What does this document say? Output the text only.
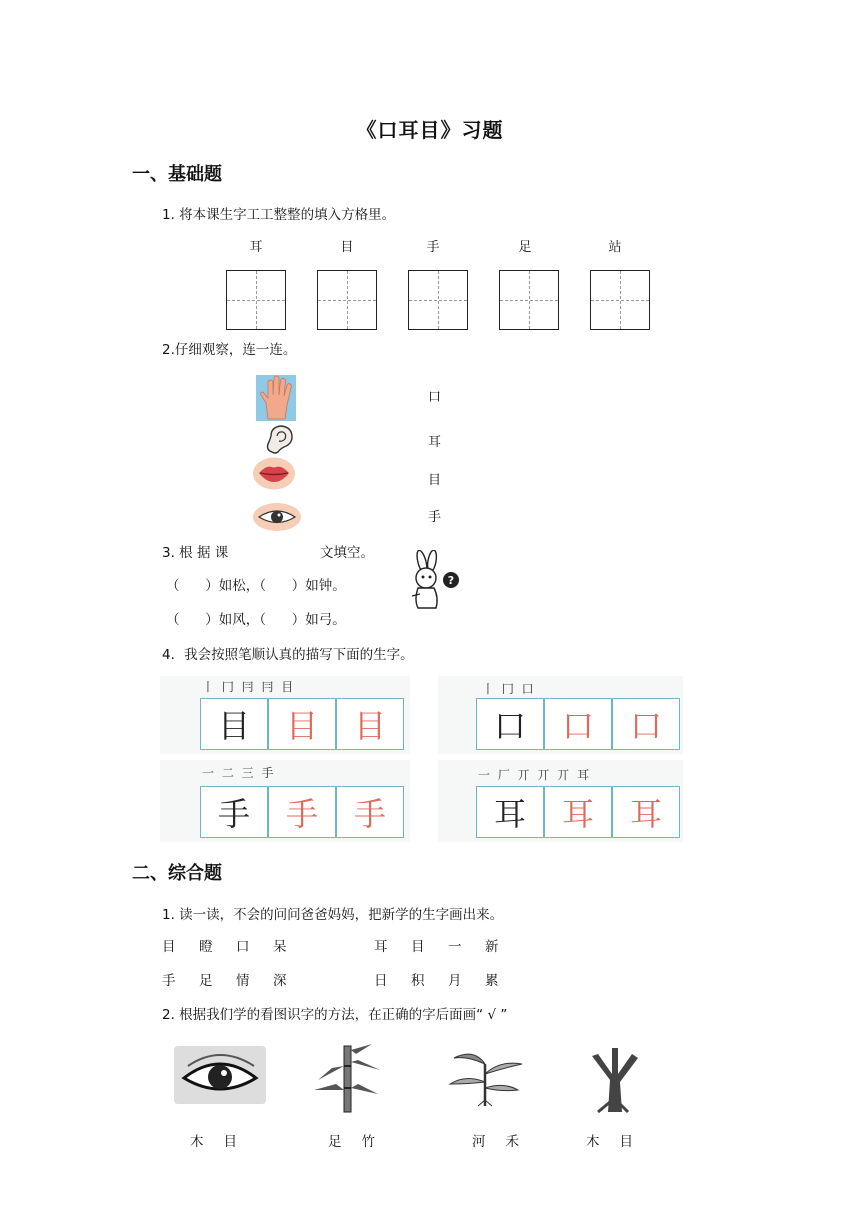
《口耳目》习题
一、基础题
1. 将本课生字工工整整的填入方格里。
耳	目	手	足	站
2.仔细观察，连一连。
口
耳
目
手
3. 根 据 课	文填空。
（      ）如松，（      ）如钟。
（      ）如风，（      ）如弓。
?
4．我会按照笔顺认真的描写下面的生字。
丨 冂 冃 冃 目
目	目	目
丨 冂 口
口	口	口
一 二 三 手
手	手	手
一 厂 丌 丌 丌 耳
耳	耳	耳
二、综合题
1. 读一读，不会的问问爸爸妈妈，把新学的生字画出来。
目 瞪 口 呆	耳 目 一 新
手 足 情 深	日 积 月 累
2. 根据我们学的看图识字的方法，在正确的字后面画“ √ ”
木 目	足 竹	河 禾	木 目
